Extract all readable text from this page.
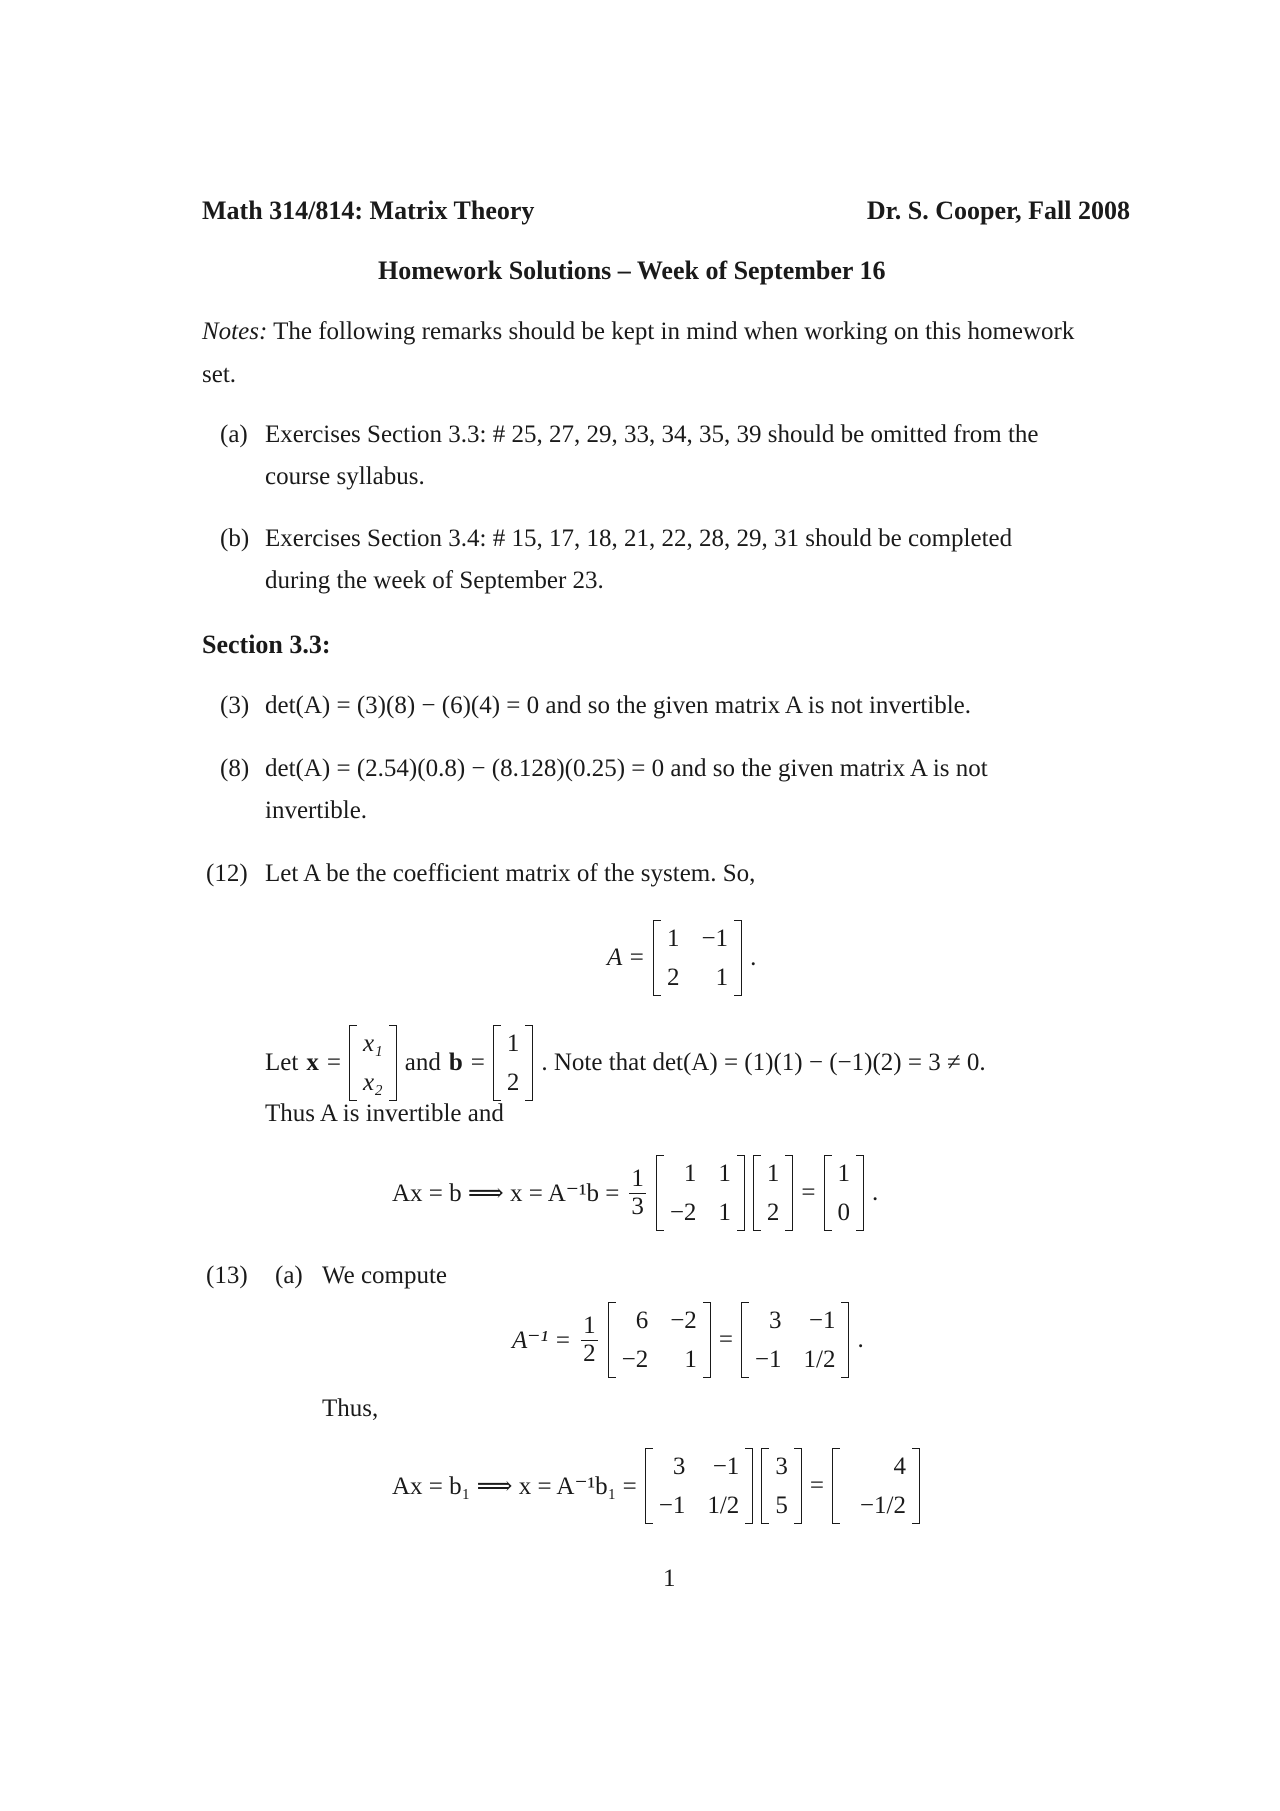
Math 314/814: Matrix Theory	Dr. S. Cooper, Fall 2008
Homework Solutions – Week of September 16
Notes: The following remarks should be kept in mind when working on this homework
set.
(a) Exercises Section 3.3: # 25, 27, 29, 33, 34, 35, 39 should be omitted from the
course syllabus.
(b) Exercises Section 3.4: # 15, 17, 18, 21, 22, 28, 29, 31 should be completed
during the week of September 23.
Section 3.3:
(3) det(A) = (3)(8) − (6)(4) = 0 and so the given matrix A is not invertible.
(8) det(A) = (2.54)(0.8) − (8.128)(0.25) = 0 and so the given matrix A is not
invertible.
(12) Let A be the coefficient matrix of the system. So,
A =
1 −1
2	1
.
Let x =
x₁
x₂
and b =
1
2
. Note that det(A) = (1)(1) − (−1)(2) = 3 ≠ 0.
Thus A is invertible and
Ax = b ⟹ $x = A^{-1}b = \frac{1}{3}$	1 1
−2 1
1
2
=
1
0
.
(13) (a) We compute
$A^{-1} = \frac{1}{2}$	6 −2
−2	1
=
3 −1
−1 1/2
.
Thus,
Ax = b₁ ⟹ x = A⁻¹b₁ =
3 −1
−1 1/2
3
5
=
4
−1/2
1
